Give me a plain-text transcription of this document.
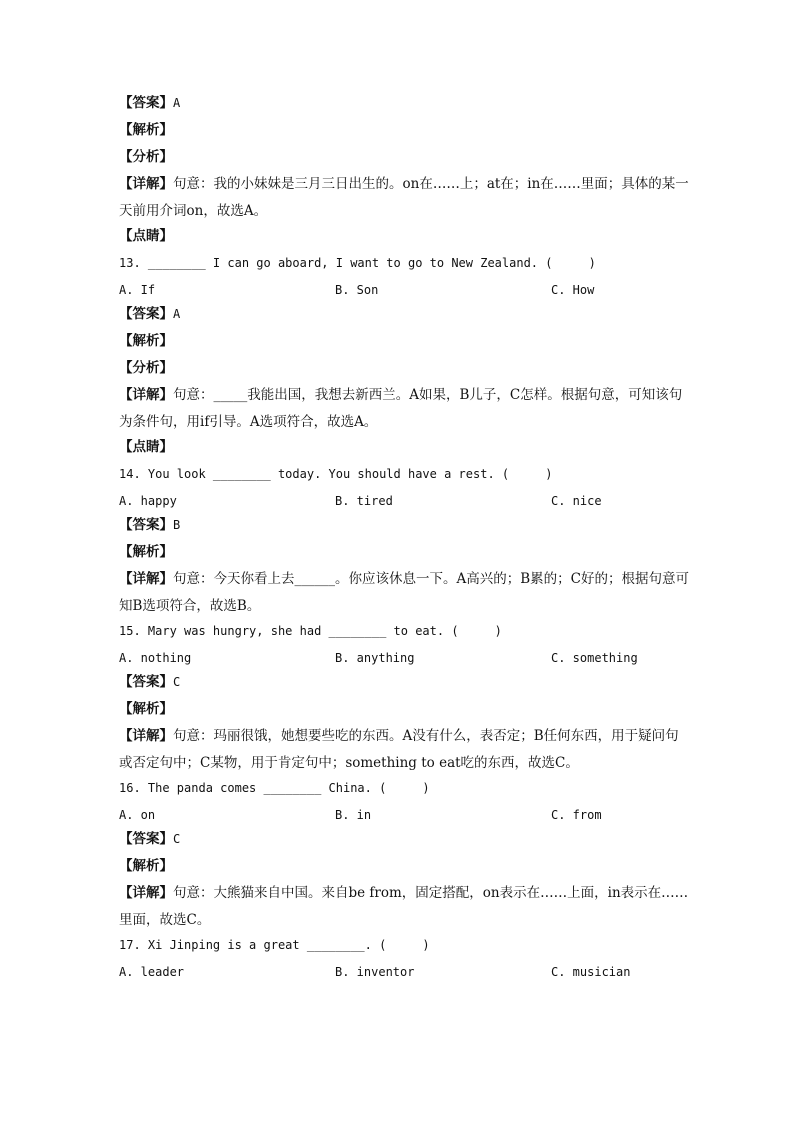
【答案】A
【解析】
【分析】
【详解】句意：我的小妹妹是三月三日出生的。on在……上；at在；in在……里面；具体的某一天前用介词on，故选A。
【点睛】
13. ________ I can go aboard, I want to go to New Zealand. (     )
A. If	B. Son	C. How
【答案】A
【解析】
【分析】
【详解】句意：_____我能出国，我想去新西兰。A如果，B儿子，C怎样。根据句意，可知该句为条件句，用if引导。A选项符合，故选A。
【点睛】
14. You look ________ today. You should have a rest. (     )
A. happy	B. tired	C. nice
【答案】B
【解析】
【详解】句意：今天你看上去______。你应该休息一下。A高兴的；B累的；C好的；根据句意可知B选项符合，故选B。
15. Mary was hungry, she had ________ to eat. (     )
A. nothing	B. anything	C. something
【答案】C
【解析】
【详解】句意：玛丽很饿，她想要些吃的东西。A没有什么，表否定；B任何东西，用于疑问句或否定句中；C某物，用于肯定句中；something to eat吃的东西，故选C。
16. The panda comes ________ China. (     )
A. on	B. in	C. from
【答案】C
【解析】
【详解】句意：大熊猫来自中国。来自be from，固定搭配，on表示在……上面，in表示在……里面，故选C。
17. Xi Jinping is a great ________. (     )
A. leader	B. inventor	C. musician
